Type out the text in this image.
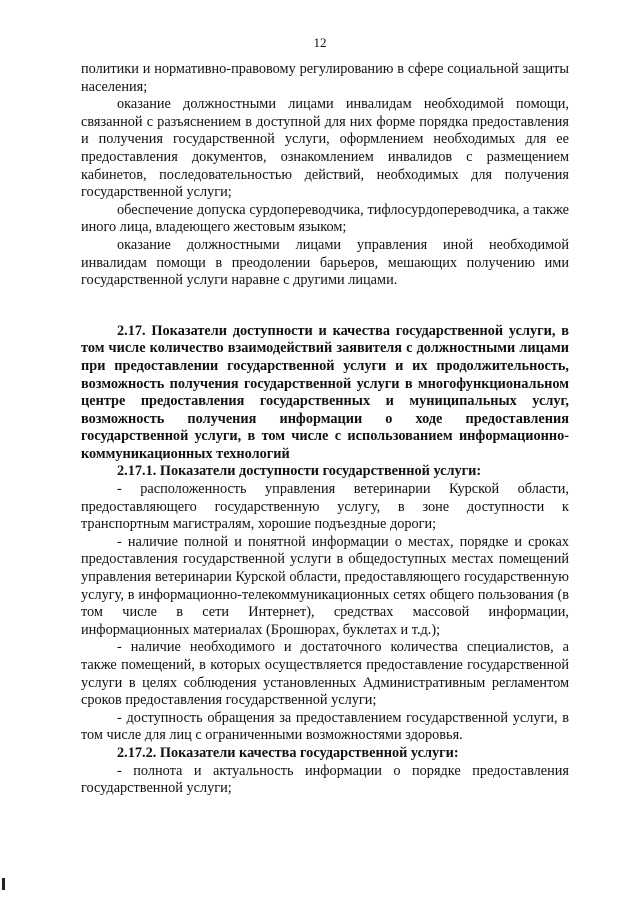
12

политики и нормативно-правовому регулированию в сфере социальной защиты населения;

оказание должностными лицами инвалидам необходимой помощи, связанной с разъяснением в доступной для них форме порядка предоставления и получения государственной услуги, оформлением необходимых для ее предоставления документов, ознакомлением инвалидов с размещением кабинетов, последовательностью действий, необходимых для получения государственной услуги;

обеспечение допуска сурдопереводчика, тифлосурдопереводчика, а также иного лица, владеющего жестовым языком;

оказание должностными лицами управления иной необходимой инвалидам помощи в преодолении барьеров, мешающих получению ими государственной услуги наравне с другими лицами.

2.17. Показатели доступности и качества государственной услуги, в том числе количество взаимодействий заявителя с должностными лицами при предоставлении государственной услуги и их продолжительность, возможность получения государственной услуги в многофункциональном центре предоставления государственных и муниципальных услуг, возможность получения информации о ходе предоставления государственной услуги, в том числе с использованием информационно-коммуникационных технологий

2.17.1. Показатели доступности государственной услуги:

- расположенность управления ветеринарии Курской области, предоставляющего государственную услугу, в зоне доступности к транспортным магистралям, хорошие подъездные дороги;

- наличие полной и понятной информации о местах, порядке и сроках предоставления государственной услуги в общедоступных местах помещений управления ветеринарии Курской области, предоставляющего государственную услугу, в информационно-телекоммуникационных сетях общего пользования (в том числе в сети Интернет), средствах массовой информации, информационных материалах (Брошюрах, буклетах и т.д.);

- наличие необходимого и достаточного количества специалистов, а также помещений, в которых осуществляется предоставление государственной услуги в целях соблюдения установленных Административным регламентом сроков предоставления государственной услуги;

- доступность обращения за предоставлением государственной услуги, в том числе для лиц с ограниченными возможностями здоровья.

2.17.2. Показатели качества государственной услуги:

- полнота и актуальность информации о порядке предоставления государственной услуги;
